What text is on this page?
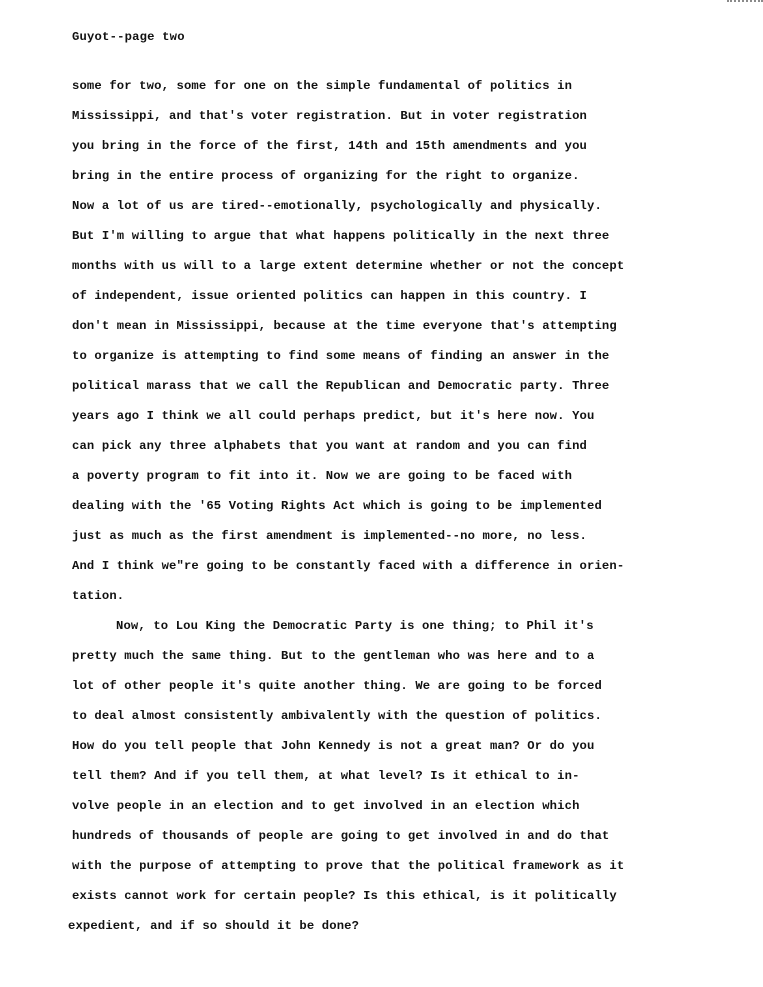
Guyot--page two
some for two, some for one on the simple fundamental of politics in
Mississippi, and that's voter registration. But in voter registration
you bring in the force of the first, 14th and 15th amendments and you
bring in the entire process of organizing for the right to organize.
Now a lot of us are tired--emotionally, psychologically and physically.
But I'm willing to argue that what happens politically in the next three
months with us will to a large extent determine whether or not the concept
of independent, issue oriented politics can happen in this country. I
don't mean in Mississippi, because at the time everyone that's attempting
to organize is attempting to find some means of finding an answer in the
political marass that we call the Republican and Democratic party. Three
years ago I think we all could perhaps predict, but it's here now. You
can pick any three alphabets that you want at random and you can find
a poverty program to fit into it. Now we are going to be faced with
dealing with the '65 Voting Rights Act which is going to be implemented
just as much as the first amendment is implemented--no more, no less.
And I think we"re going to be constantly faced with a difference in orien-
tation.
Now, to Lou King the Democratic Party is one thing; to Phil it's
pretty much the same thing. But to the gentleman who was here and to a
lot of other people it's quite another thing. We are going to be forced
to deal almost consistently ambivalently with the question of politics.
How do you tell people that John Kennedy is not a great man? Or do you
tell them? And if you tell them, at what level? Is it ethical to in-
volve people in an election and to get involved in an election which
hundreds of thousands of people are going to get involved in and do that
with the purpose of attempting to prove that the political framework as it
exists cannot work for certain people? Is this ethical, is it politically
expedient, and if so should it be done?
